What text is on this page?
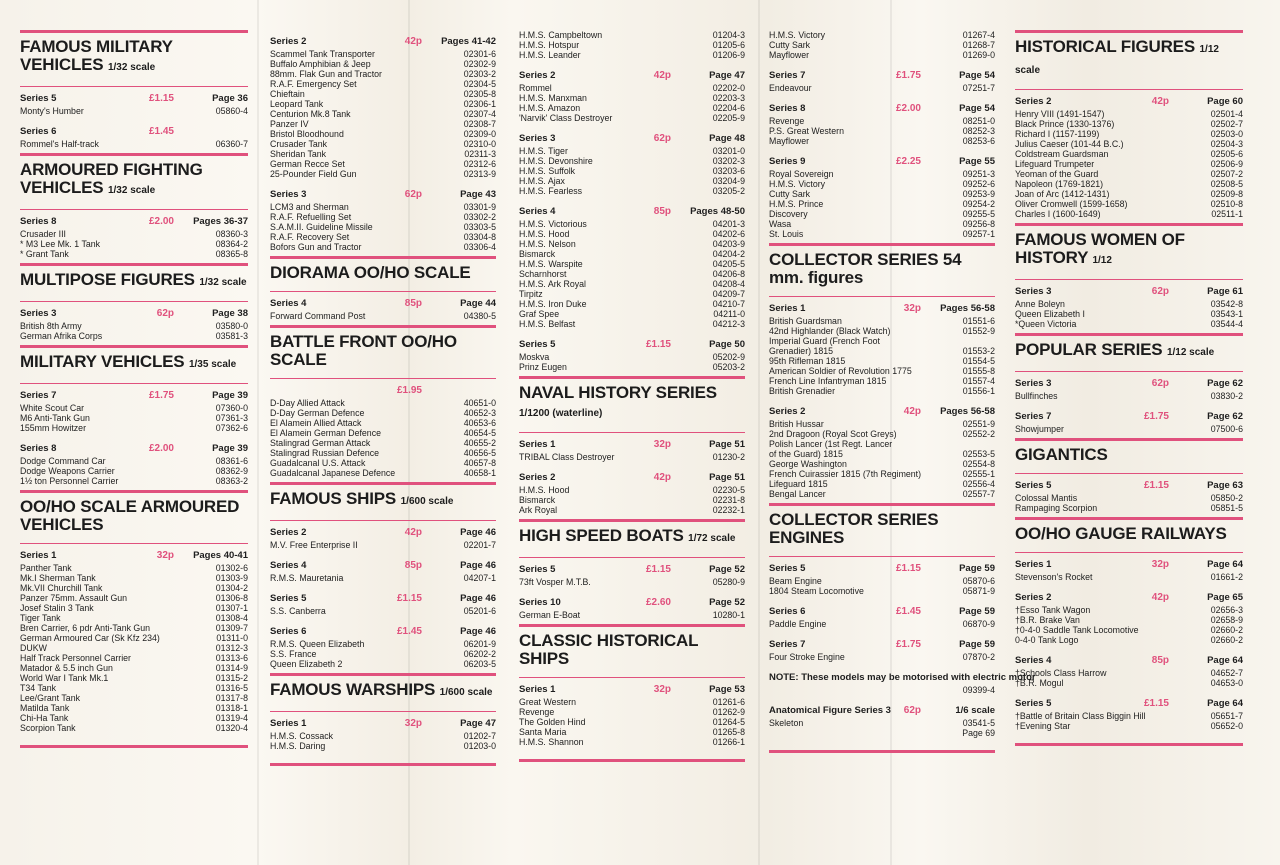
FAMOUS MILITARY VEHICLES 1/32 scale
Series 5	£1.15	Page 36
Monty's Humber	05860-4
Series 6	£1.45
Rommel's Half-track	06360-7
ARMOURED FIGHTING VEHICLES 1/32 scale
Series 8	£2.00	Pages 36-37
Crusader III	08360-3
* M3 Lee Mk. 1 Tank	08364-2
* Grant Tank	08365-8
MULTIPOSE FIGURES 1/32 scale
Series 3	62p	Page 38
British 8th Army	03580-0
German Afrika Corps	03581-3
MILITARY VEHICLES 1/35 scale
Series 7	£1.75	Page 39
White Scout Car	07360-0
M6 Anti-Tank Gun	07361-3
155mm Howitzer	07362-6
Series 8	£2.00	Page 39
Dodge Command Car	08361-6
Dodge Weapons Carrier	08362-9
1½ ton Personnel Carrier	08363-2
OO/HO SCALE ARMOURED VEHICLES
Series 1	32p	Pages 40-41
Panther Tank	01302-6
Mk.I Sherman Tank	01303-9
Mk.VII Churchill Tank	01304-2
Panzer 75mm. Assault Gun	01306-8
Josef Stalin 3 Tank	01307-1
Tiger Tank	01308-4
Bren Carrier, 6 pdr Anti-Tank Gun	01309-7
German Armoured Car (Sk Kfz 234)	01311-0
DUKW	01312-3
Half Track Personnel Carrier	01313-6
Matador & 5.5 inch Gun	01314-9
World War I Tank Mk.1	01315-2
T34 Tank	01316-5
Lee/Grant Tank	01317-8
Matilda Tank	01318-1
Chi-Ha Tank	01319-4
Scorpion Tank	01320-4
Series 2	42p	Pages 41-42
Scammel Tank Transporter	02301-6
Buffalo Amphibian & Jeep	02302-9
88mm. Flak Gun and Tractor	02303-2
R.A.F. Emergency Set	02304-5
Chieftain	02305-8
Leopard Tank	02306-1
Centurion Mk.8 Tank	02307-4
Panzer IV	02308-7
Bristol Bloodhound	02309-0
Crusader Tank	02310-0
Sheridan Tank	02311-3
German Recce Set	02312-6
25-Pounder Field Gun	02313-9
Series 3	62p	Page 43
LCM3 and Sherman	03301-9
R.A.F. Refuelling Set	03302-2
S.A.M.II. Guideline Missile	03303-5
R.A.F. Recovery Set	03304-8
Bofors Gun and Tractor	03306-4
DIORAMA OO/HO SCALE
Series 4	85p	Page 44
Forward Command Post	04380-5
BATTLE FRONT OO/HO SCALE
£1.95
D-Day Allied Attack	40651-0
D-Day German Defence	40652-3
El Alamein Allied Attack	40653-6
El Alamein German Defence	40654-5
Stalingrad German Attack	40655-2
Stalingrad Russian Defence	40656-5
Guadalcanal U.S. Attack	40657-8
Guadalcanal Japanese Defence	40658-1
FAMOUS SHIPS 1/600 scale
Series 2	42p	Page 46
M.V. Free Enterprise II	02201-7
Series 4	85p	Page 46
R.M.S. Mauretania	04207-1
Series 5	£1.15	Page 46
S.S. Canberra	05201-6
Series 6	£1.45	Page 46
R.M.S. Queen Elizabeth	06201-9
S.S. France	06202-2
Queen Elizabeth 2	06203-5
FAMOUS WARSHIPS 1/600 scale
Series 1	32p	Page 47
H.M.S. Cossack	01202-7
H.M.S. Daring	01203-0
H.M.S. Campbeltown	01204-3
H.M.S. Hotspur	01205-6
H.M.S. Leander	01206-9
Series 2	42p	Page 47
Rommel	02202-0
H.M.S. Manxman	02203-3
H.M.S. Amazon	02204-6
'Narvik' Class Destroyer	02205-9
Series 3	62p	Page 48
H.M.S. Tiger	03201-0
H.M.S. Devonshire	03202-3
H.M.S. Suffolk	03203-6
H.M.S. Ajax	03204-9
H.M.S. Fearless	03205-2
Series 4	85p	Pages 48-50
H.M.S. Victorious	04201-3
H.M.S. Hood	04202-6
H.M.S. Nelson	04203-9
Bismarck	04204-2
H.M.S. Warspite	04205-5
Scharnhorst	04206-8
H.M.S. Ark Royal	04208-4
Tirpitz	04209-7
H.M.S. Iron Duke	04210-7
Graf Spee	04211-0
H.M.S. Belfast	04212-3
Series 5	£1.15	Page 50
Moskva	05202-9
Prinz Eugen	05203-2
NAVAL HISTORY SERIES 1/1200 (waterline)
Series 1	32p	Page 51
TRIBAL Class Destroyer	01230-2
Series 2	42p	Page 51
H.M.S. Hood	02230-5
Bismarck	02231-8
Ark Royal	02232-1
HIGH SPEED BOATS 1/72 scale
Series 5	£1.15	Page 52
73ft Vosper M.T.B.	05280-9
Series 10	£2.60	Page 52
German E-Boat	10280-1
CLASSIC HISTORICAL SHIPS
Series 1	32p	Page 53
Great Western	01261-6
Revenge	01262-9
The Golden Hind	01264-5
Santa Maria	01265-8
H.M.S. Shannon	01266-1
H.M.S. Victory	01267-4
Cutty Sark	01268-7
Mayflower	01269-0
Series 7	£1.75	Page 54
Endeavour	07251-7
Series 8	£2.00	Page 54
Revenge	08251-0
P.S. Great Western	08252-3
Mayflower	08253-6
Series 9	£2.25	Page 55
Royal Sovereign	09251-3
H.M.S. Victory	09252-6
Cutty Sark	09253-9
H.M.S. Prince	09254-2
Discovery	09255-5
Wasa	09256-8
St. Louis	09257-1
COLLECTOR SERIES 54 mm. figures
Series 1	32p	Pages 56-58
British Guardsman	01551-6
42nd Highlander (Black Watch)	01552-9
Imperial Guard (French Foot
Grenadier) 1815	01553-2
95th Rifleman 1815	01554-5
American Soldier of Revolution 1775	01555-8
French Line Infantryman 1815	01557-4
British Grenadier	01556-1
Series 2	42p	Pages 56-58
British Hussar	02551-9
2nd Dragoon (Royal Scot Greys)	02552-2
Polish Lancer (1st Regt. Lancer
of the Guard) 1815	02553-5
George Washington	02554-8
French Cuirassier 1815 (7th Regiment)	02555-1
Lifeguard 1815	02556-4
Bengal Lancer	02557-7
COLLECTOR SERIES ENGINES
Series 5	£1.15	Page 59
Beam Engine	05870-6
1804 Steam Locomotive	05871-9
Series 6	£1.45	Page 59
Paddle Engine	06870-9
Series 7	£1.75	Page 59
Four Stroke Engine	07870-2
NOTE: These models may be motorised with electric motor
09399-4
Anatomical Figure Series 3 62p	1/6 scale
Skeleton	03541-5
Page 69
HISTORICAL FIGURES 1/12 scale
Series 2	42p	Page 60
Henry VIII (1491-1547)	02501-4
Black Prince (1330-1376)	02502-7
Richard I (1157-1199)	02503-0
Julius Caeser (101-44 B.C.)	02504-3
Coldstream Guardsman	02505-6
Lifeguard Trumpeter	02506-9
Yeoman of the Guard	02507-2
Napoleon (1769-1821)	02508-5
Joan of Arc (1412-1431)	02509-8
Oliver Cromwell (1599-1658)	02510-8
Charles I (1600-1649)	02511-1
FAMOUS WOMEN OF HISTORY 1/12
Series 3	62p	Page 61
Anne Boleyn	03542-8
Queen Elizabeth I	03543-1
*Queen Victoria	03544-4
POPULAR SERIES 1/12 scale
Series 3	62p	Page 62
Bullfinches	03830-2
Series 7	£1.75	Page 62
Showjumper	07500-6
GIGANTICS
Series 5	£1.15	Page 63
Colossal Mantis	05850-2
Rampaging Scorpion	05851-5
OO/HO GAUGE RAILWAYS
Series 1	32p	Page 64
Stevenson's Rocket	01661-2
Series 2	42p	Page 65
†Esso Tank Wagon	02656-3
†B.R. Brake Van	02658-9
†0-4-0 Saddle Tank Locomotive	02660-2
0-4-0 Tank Logo	02660-2
Series 4	85p	Page 64
†Schools Class Harrow	04652-7
†B.R. Mogul	04653-0
Series 5	£1.15	Page 64
†Battle of Britain Class Biggin Hill	05651-7
†Evening Star	05652-0
